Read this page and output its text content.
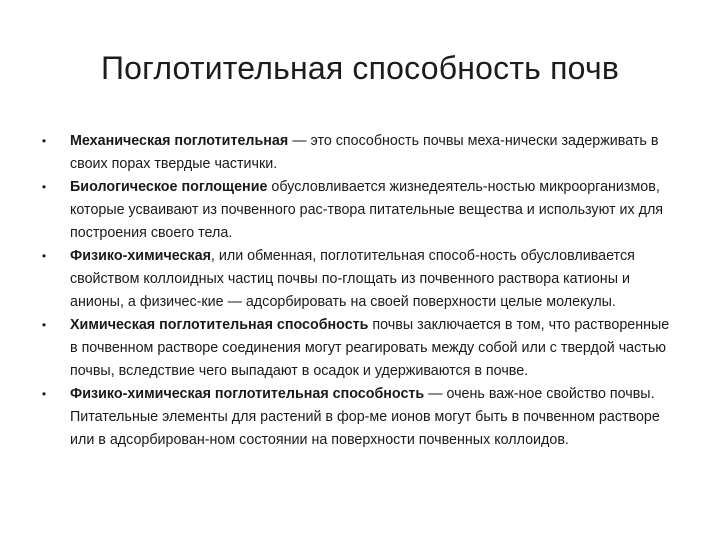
Поглотительная способность почв
• Механическая поглотительная — это способность почвы меха-нически задерживать в своих порах твердые частички.
• Биологическое поглощение обусловливается жизнедеятель-ностью микроорганизмов, которые усваивают из почвенного рас-твора питательные вещества и используют их для построения своего тела.
• Физико-химическая, или обменная, поглотительная способ-ность обусловливается свойством коллоидных частиц почвы по-глощать из почвенного раствора катионы и анионы, а физичес-кие — адсорбировать на своей поверхности целые молекулы.
• Химическая поглотительная способность почвы заключается в том, что растворенные в почвенном растворе соединения могут реагировать между собой или с твердой частью почвы, вследствие чего выпадают в осадок и удерживаются в почве.
• Физико-химическая поглотительная способность — очень важ-ное свойство почвы. Питательные элементы для растений в фор-ме ионов могут быть в почвенном растворе или в адсорбирован-ном состоянии на поверхности почвенных коллоидов.
